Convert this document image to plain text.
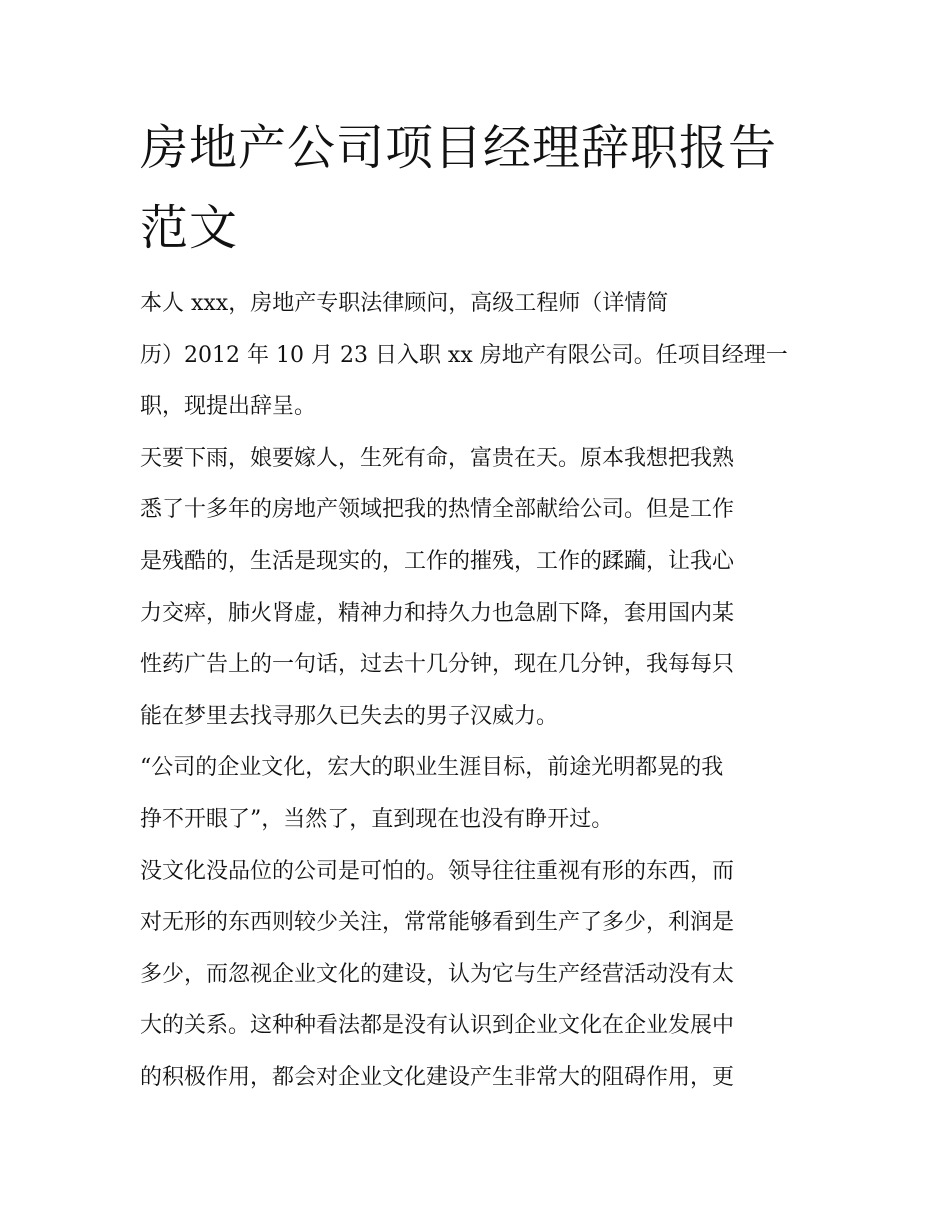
房地产公司项目经理辞职报告
范文

本人 xxx，房地产专职法律顾问，高级工程师（详情简
历）2012 年 10 月 23 日入职 xx 房地产有限公司。任项目经理一
职，现提出辞呈。

天要下雨，娘要嫁人，生死有命，富贵在天。原本我想把我熟
悉了十多年的房地产领域把我的热情全部献给公司。但是工作
是残酷的，生活是现实的，工作的摧残，工作的蹂躏，让我心
力交瘁，肺火肾虚，精神力和持久力也急剧下降，套用国内某
性药广告上的一句话，过去十几分钟，现在几分钟，我每每只
能在梦里去找寻那久已失去的男子汉威力。

“公司的企业文化，宏大的职业生涯目标，前途光明都晃的我
挣不开眼了”，当然了，直到现在也没有睁开过。

没文化没品位的公司是可怕的。领导往往重视有形的东西，而
对无形的东西则较少关注，常常能够看到生产了多少，利润是
多少，而忽视企业文化的建设，认为它与生产经营活动没有太
大的关系。这种种看法都是没有认识到企业文化在企业发展中
的积极作用，都会对企业文化建设产生非常大的阻碍作用，更
